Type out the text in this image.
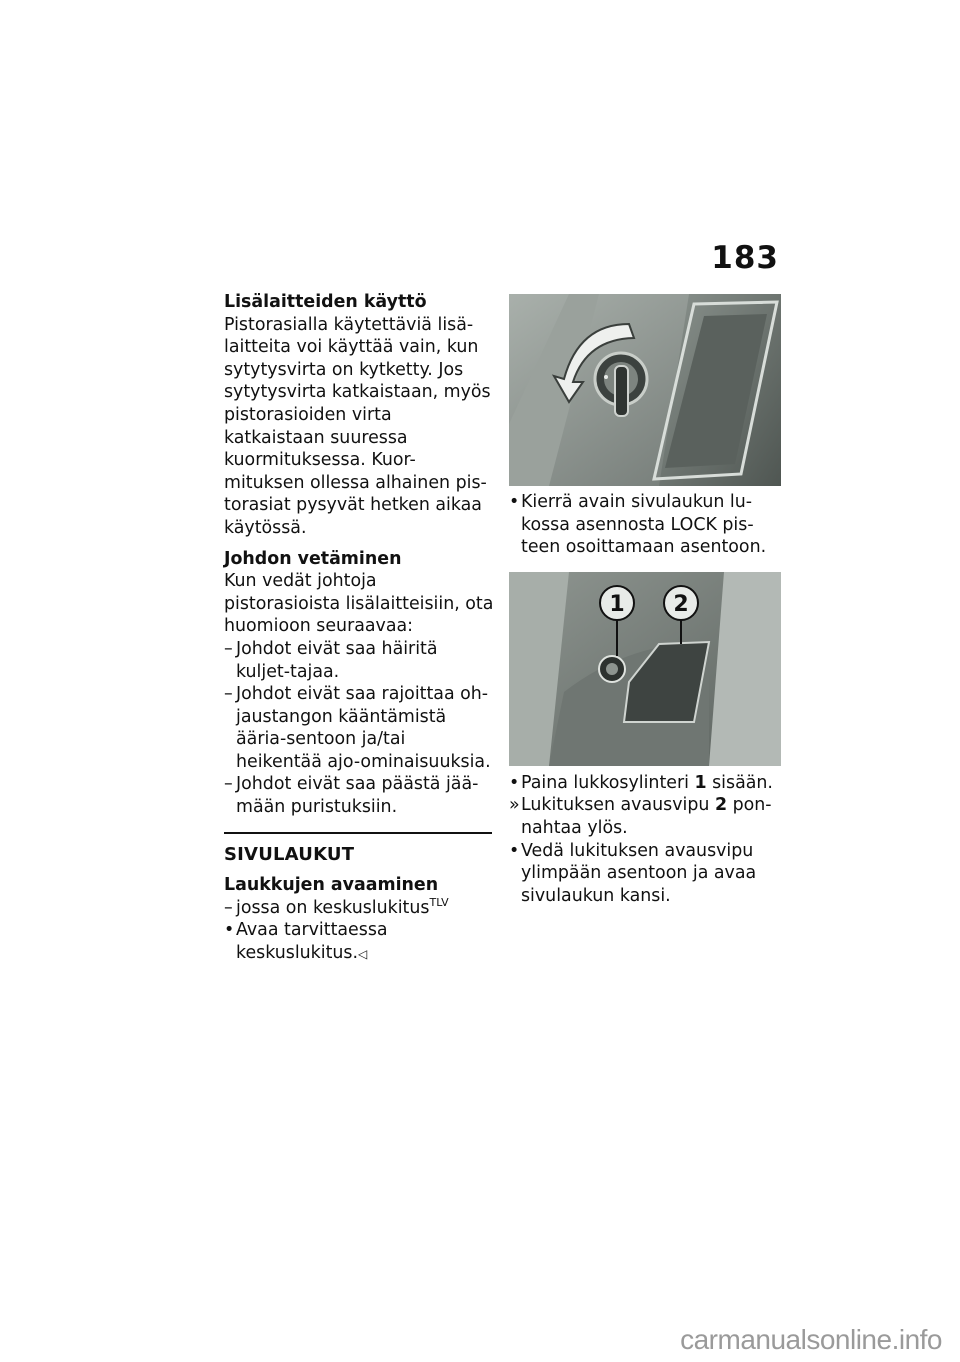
183

Lisälaitteiden käyttö

Pistorasialla käytettäviä lisä-laitteita voi käyttää vain, kun sytytysvirta on kytketty. Jos sytytysvirta katkaistaan, myös pistorasioiden virta katkaistaan suuressa kuormituksessa. Kuor-mituksen ollessa alhainen pis-torasiat pysyvät hetken aikaa käytössä.

Johdon vetäminen

Kun vedät johtoja pistorasioista lisälaitteisiin, ota huomioon seuraavaa:

– Johdot eivät saa häiritä kuljet-tajaa.
– Johdot eivät saa rajoittaa oh-jaustangon kääntämistä ääria-sentoon ja/tai heikentää ajo-ominaisuuksia.
– Johdot eivät saa päästä jää-mään puristuksiin.

SIVULAUKUT

Laukkujen avaaminen

– jossa on keskuslukitus$^{TLV}$
• Avaa tarvittaessa keskuslukitus.◁
• Kierrä avain sivulaukun lu-kossa asennosta LOCK pis-teen osoittamaan asentoon.
1 2
• Paina lukkosylinteri 1 sisään.
» Lukituksen avausvipu 2 pon-nahtaa ylös.
• Vedä lukituksen avausvipu ylimpään asentoon ja avaa sivulaukun kansi.
carmanualsonline.info
